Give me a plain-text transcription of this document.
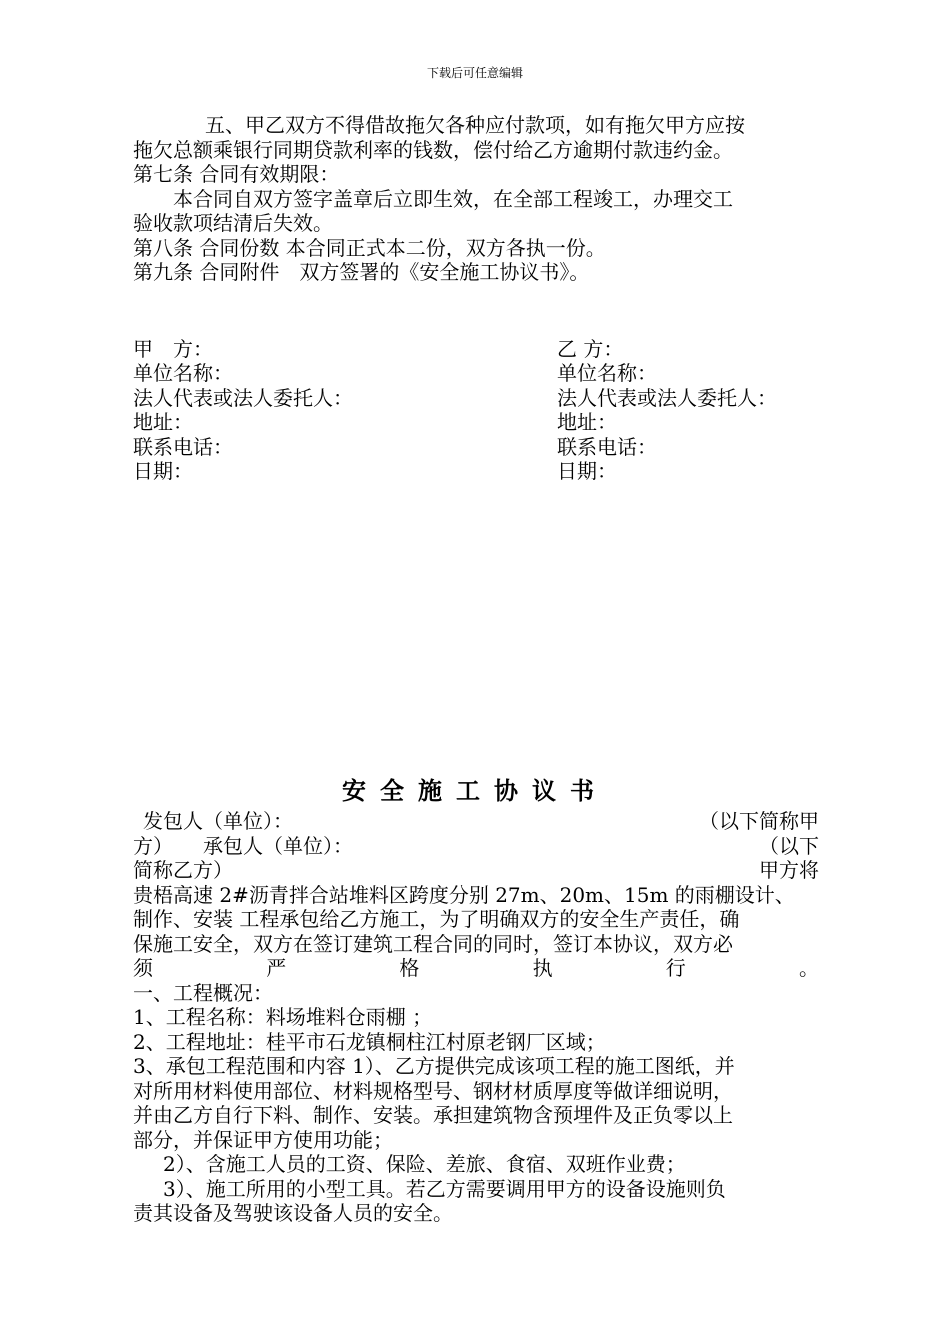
下载后可任意编辑
五、甲乙双方不得借故拖欠各种应付款项，如有拖欠甲方应按
拖欠总额乘银行同期贷款利率的钱数，偿付给乙方逾期付款违约金。
第七条 合同有效期限：
本合同自双方签字盖章后立即生效，在全部工程竣工，办理交工
验收款项结清后失效。
第八条 合同份数 本合同正式本二份，双方各执一份。
第九条 合同附件　双方签署的《安全施工协议书》。
甲　方：
单位名称：
法人代表或法人委托人：
地址：
联系电话：
日期：
乙 方：
单位名称：
法人代表或法人委托人：
地址：
联系电话：
日期：
安全施工协议书
发包人（单位）：	（以下简称甲
方）　　承包人（单位）：	（以下
简称乙方）	甲方将
贵梧高速 2#沥青拌合站堆料区跨度分别 27m、20m、15m 的雨棚设计、
制作、安装 工程承包给乙方施工，为了明确双方的安全生产责任，确
保施工安全，双方在签订建筑工程合同的同时，签订本协议，双方必
须	严	格	执	行	。
一、工程概况：
1、工程名称：料场堆料仓雨棚 ；
2、工程地址：桂平市石龙镇桐柱江村原老钢厂区域；
3、承包工程范围和内容 1）、乙方提供完成该项工程的施工图纸，并
对所用材料使用部位、材料规格型号、钢材材质厚度等做详细说明，
并由乙方自行下料、制作、安装。承担建筑物含预埋件及正负零以上
部分，并保证甲方使用功能；
2）、含施工人员的工资、保险、差旅、食宿、双班作业费；
3）、施工所用的小型工具。若乙方需要调用甲方的设备设施则负
责其设备及驾驶该设备人员的安全。
